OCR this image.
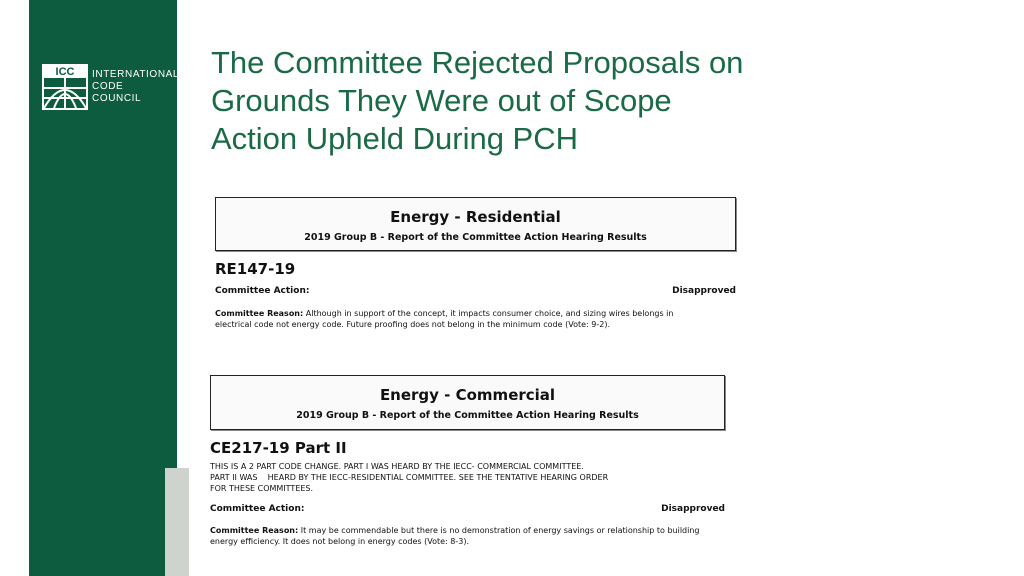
ICC INTERNATIONAL
CODE
COUNCIL
The Committee Rejected Proposals on
Grounds They Were out of Scope
Action Upheld During PCH
Energy - Residential
2019 Group B - Report of the Committee Action Hearing Results
RE147-19
Committee Action:	Disapproved
Committee Reason: Although in support of the concept, it impacts consumer choice, and sizing wires belongs in
electrical code not energy code. Future proofing does not belong in the minimum code (Vote: 9-2).
Energy - Commercial
2019 Group B - Report of the Committee Action Hearing Results
CE217-19 Part II
THIS IS A 2 PART CODE CHANGE. PART I WAS HEARD BY THE IECC- COMMERCIAL COMMITTEE.
PART II WAS    HEARD BY THE IECC-RESIDENTIAL COMMITTEE. SEE THE TENTATIVE HEARING ORDER
FOR THESE COMMITTEES.
Committee Action:	Disapproved
Committee Reason: It may be commendable but there is no demonstration of energy savings or relationship to building
energy efficiency. It does not belong in energy codes (Vote: 8-3).
